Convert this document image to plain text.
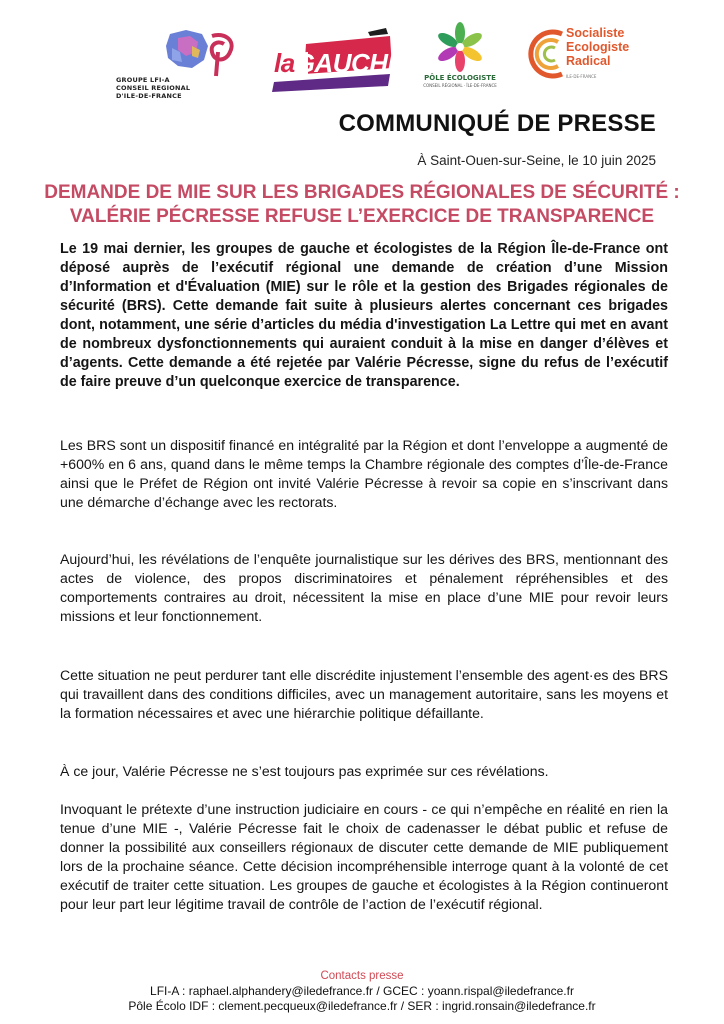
GROUPE LFI-A
CONSEIL REGIONAL
D'ILE-DE-FRANCE
laGAUCHE	PÔLE ÉCOLOGISTE
CONSEIL RÉGIONAL · ÎLE-DE-FRANCE
Socialiste
Ecologiste
Radical
ILE-DE-FRANCE
COMMUNIQUÉ DE PRESSE
À Saint-Ouen-sur-Seine, le 10 juin 2025
DEMANDE DE MIE SUR LES BRIGADES RÉGIONALES DE SÉCURITÉ :
VALÉRIE PÉCRESSE REFUSE L’EXERCICE DE TRANSPARENCE
Le 19 mai dernier, les groupes de gauche et écologistes de la Région Île-de-France ont déposé auprès de l’exécutif régional une demande de création d’une Mission d’Information et d'Évaluation (MIE) sur le rôle et la gestion des Brigades régionales de sécurité (BRS). Cette demande fait suite à plusieurs alertes concernant ces brigades dont, notamment, une série d’articles du média d'investigation La Lettre qui met en avant de nombreux dysfonctionnements qui auraient conduit à la mise en danger d’élèves et d’agents. Cette demande a été rejetée par Valérie Pécresse, signe du refus de l’exécutif de faire preuve d’un quelconque exercice de transparence.
Les BRS sont un dispositif financé en intégralité par la Région et dont l’enveloppe a augmenté de +600% en 6 ans, quand dans le même temps la Chambre régionale des comptes d’Île-de-France ainsi que le Préfet de Région ont invité Valérie Pécresse à revoir sa copie en s’inscrivant dans une démarche d’échange avec les rectorats.
Aujourd’hui, les révélations de l’enquête journalistique sur les dérives des BRS, mentionnant des actes de violence, des propos discriminatoires et pénalement répréhensibles et des comportements contraires au droit, nécessitent la mise en place d’une MIE pour revoir leurs missions et leur fonctionnement.
Cette situation ne peut perdurer tant elle discrédite injustement l’ensemble des agent·es des BRS qui travaillent dans des conditions difficiles, avec un management autoritaire, sans les moyens et la formation nécessaires et avec une hiérarchie politique défaillante.
À ce jour, Valérie Pécresse ne s’est toujours pas exprimée sur ces révélations.
Invoquant le prétexte d’une instruction judiciaire en cours - ce qui n’empêche en réalité en rien la tenue d’une MIE -, Valérie Pécresse fait le choix de cadenasser le débat public et refuse de donner la possibilité aux conseillers régionaux de discuter cette demande de MIE publiquement lors de la prochaine séance. Cette décision incompréhensible interroge quant à la volonté de cet exécutif de traiter cette situation. Les groupes de gauche et écologistes à la Région continueront pour leur part leur légitime travail de contrôle de l’action de l’exécutif régional.
Contacts presse
LFI-A : raphael.alphandery@iledefrance.fr / GCEC : yoann.rispal@iledefrance.fr
Pôle Écolo IDF : clement.pecqueux@iledefrance.fr / SER : ingrid.ronsain@iledefrance.fr
